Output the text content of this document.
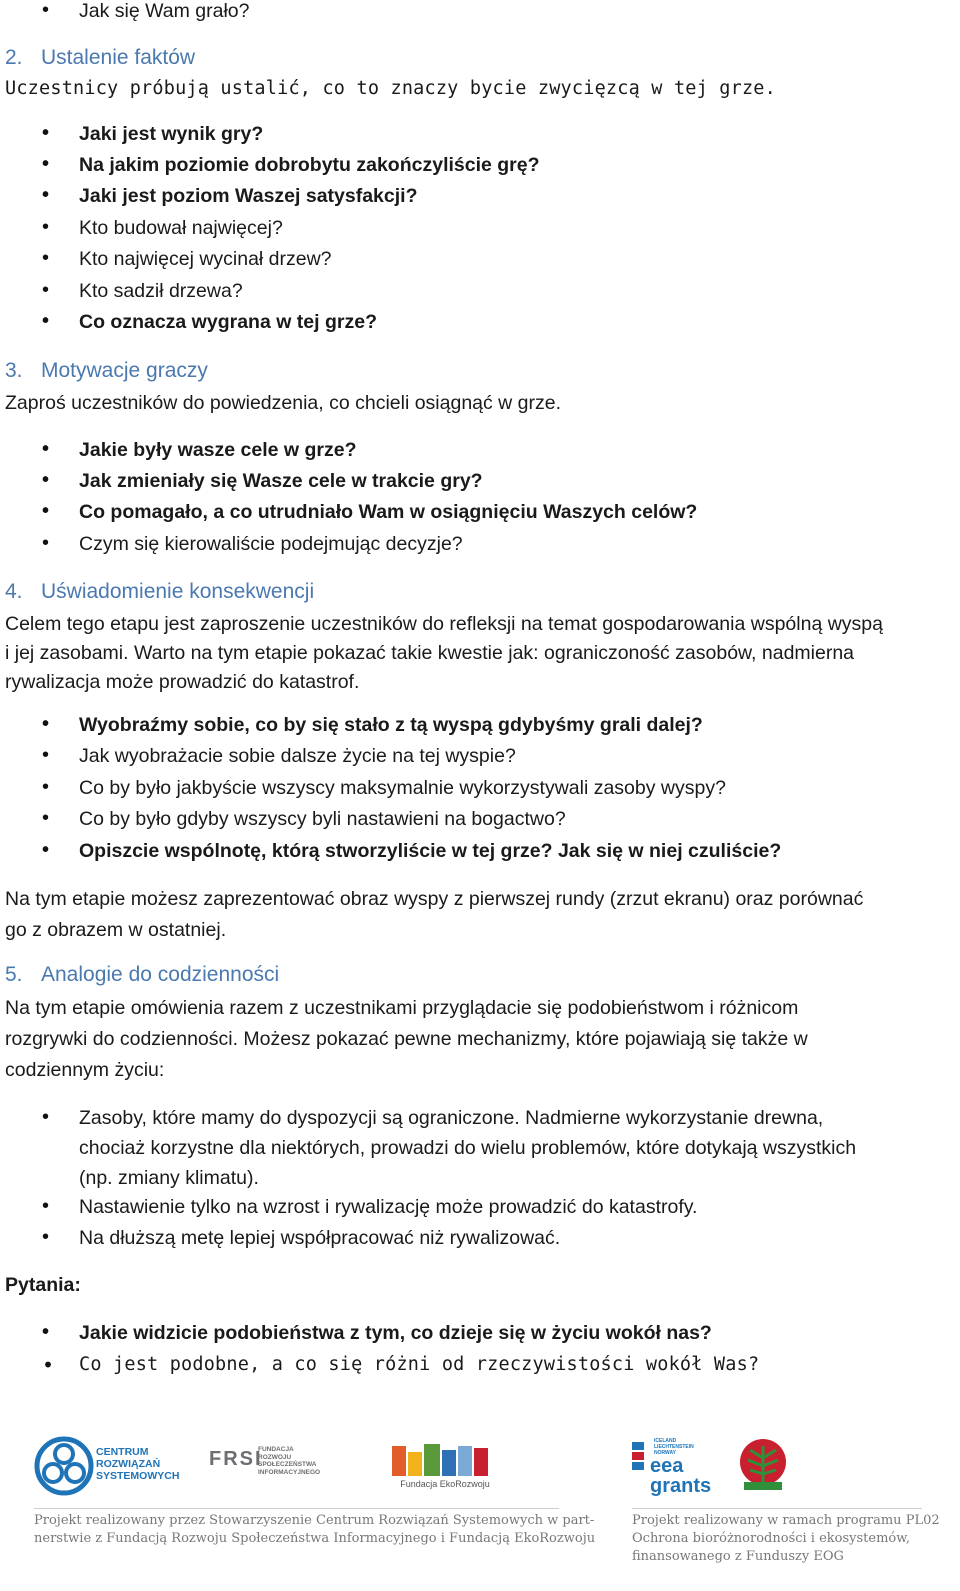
• Jak się Wam grało?
2. Ustalenie faktów
Uczestnicy próbują ustalić, co to znaczy bycie zwycięzcą w tej grze.
• Jaki jest wynik gry?
• Na jakim poziomie dobrobytu zakończyliście grę?
• Jaki jest poziom Waszej satysfakcji?
• Kto budował najwięcej?
• Kto najwięcej wycinał drzew?
• Kto sadził drzewa?
• Co oznacza wygrana w tej grze?
3. Motywacje graczy
Zaproś uczestników do powiedzenia, co chcieli osiągnąć w grze.
• Jakie były wasze cele w grze?
• Jak zmieniały się Wasze cele w trakcie gry?
• Co pomagało, a co utrudniało Wam w osiągnięciu Waszych celów?
• Czym się kierowaliście podejmując decyzje?
4. Uświadomienie konsekwencji
Celem tego etapu jest zaproszenie uczestników do refleksji na temat gospodarowania wspólną wyspą
i jej zasobami. Warto na tym etapie pokazać takie kwestie jak: ograniczoność zasobów, nadmierna
rywalizacja może prowadzić do katastrof.
• Wyobraźmy sobie, co by się stało z tą wyspą gdybyśmy grali dalej?
• Jak wyobrażacie sobie dalsze życie na tej wyspie?
• Co by było jakbyście wszyscy maksymalnie wykorzystywali zasoby wyspy?
• Co by było gdyby wszyscy byli nastawieni na bogactwo?
• Opiszcie wspólnotę, którą stworzyliście w tej grze? Jak się w niej czuliście?
Na tym etapie możesz zaprezentować obraz wyspy z pierwszej rundy (zrzut ekranu) oraz porównać
go z obrazem w ostatniej.
5. Analogie do codzienności
Na tym etapie omówienia razem z uczestnikami przyglądacie się podobieństwom i różnicom
rozgrywki do codzienności. Możesz pokazać pewne mechanizmy, które pojawiają się także w
codziennym życiu:
• Zasoby, które mamy do dyspozycji są ograniczone. Nadmierne wykorzystanie drewna,
chociaż korzystne dla niektórych, prowadzi do wielu problemów, które dotykają wszystkich
(np. zmiany klimatu).
• Nastawienie tylko na wzrost i rywalizację może prowadzić do katastrofy.
• Na dłuższą metę lepiej współpracować niż rywalizować.
Pytania:
• Jakie widzicie podobieństwa z tym, co dzieje się w życiu wokół nas?
• Co jest podobne, a co się różni od rzeczywistości wokół Was?
CENTRUM
ROZWIĄZAŃ
SYSTEMOWYCH
FRSI
FUNDACJA
ROZWOJU
SPOŁECZEŃSTWA
INFORMACYJNEGO
Fundacja EkoRozwoju
ICELAND
LIECHTENSTEIN
NORWAY
eea
grants
Projekt realizowany przez Stowarzyszenie Centrum Rozwiązań Systemowych w part-
nerstwie z Fundacją Rozwoju Społeczeństwa Informacyjnego i Fundacją EkoRozwoju
Projekt realizowany w ramach programu PL02
Ochrona bioróżnorodności i ekosystemów,
finansowanego z Funduszy EOG
